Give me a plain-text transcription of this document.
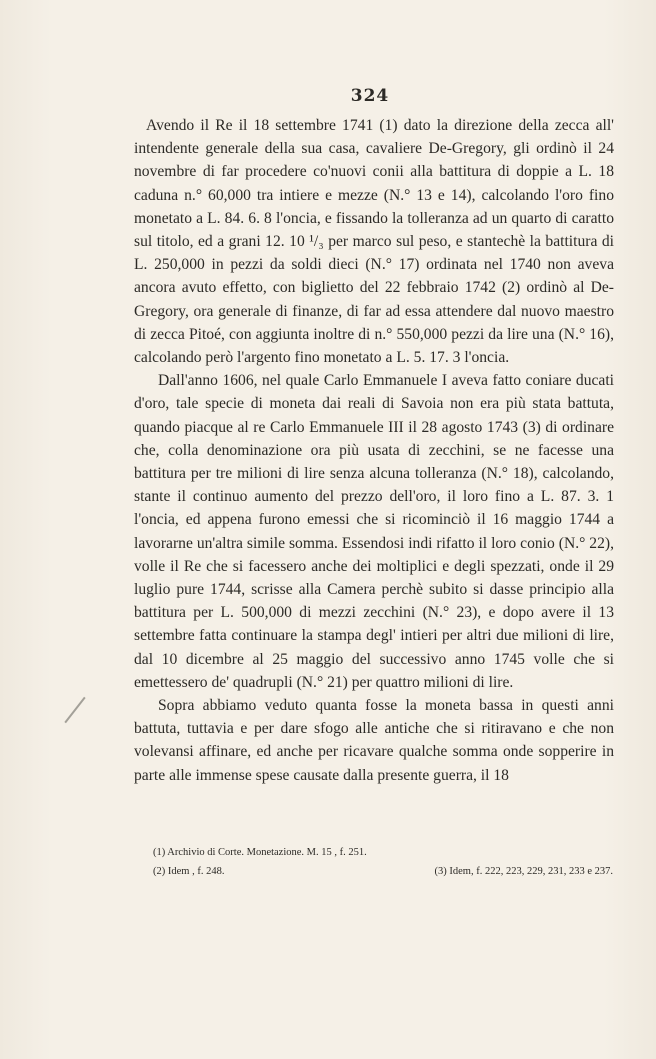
324

Avendo il Re il 18 settembre 1741 (1) dato la direzione della zecca all' intendente generale della sua casa, cavaliere De-Gregory, gli ordinò il 24 novembre di far procedere co'nuovi conii alla battitura di doppie a L. 18 caduna n.° 60,000 tra intiere e mezze (N.° 13 e 14), calcolando l'oro fino monetato a L. 84. 6. 8 l'oncia, e fissando la tolleranza ad un quarto di caratto sul titolo, ed a grani 12. 10 ¹/₃ per marco sul peso, e stantechè la battitura di L. 250,000 in pezzi da soldi dieci (N.° 17) ordinata nel 1740 non aveva ancora avuto effetto, con biglietto del 22 febbraio 1742 (2) ordinò al De-Gregory, ora generale di finanze, di far ad essa attendere dal nuovo maestro di zecca Pitoé, con aggiunta inoltre di n.° 550,000 pezzi da lire una (N.° 16), calcolando però l'argento fino monetato a L. 5. 17. 3 l'oncia.

Dall'anno 1606, nel quale Carlo Emmanuele I aveva fatto coniare ducati d'oro, tale specie di moneta dai reali di Savoia non era più stata battuta, quando piacque al re Carlo Emmanuele III il 28 agosto 1743 (3) di ordinare che, colla denominazione ora più usata di zecchini, se ne facesse una battitura per tre milioni di lire senza alcuna tolleranza (N.° 18), calcolando, stante il continuo aumento del prezzo dell'oro, il loro fino a L. 87. 3. 1 l'oncia, ed appena furono emessi che si ricominciò il 16 maggio 1744 a lavorarne un'altra simile somma. Essendosi indi rifatto il loro conio (N.° 22), volle il Re che si facessero anche dei moltiplici e degli spezzati, onde il 29 luglio pure 1744, scrisse alla Camera perchè subito si dasse principio alla battitura per L. 500,000 di mezzi zecchini (N.° 23), e dopo avere il 13 settembre fatta continuare la stampa degl' intieri per altri due milioni di lire, dal 10 dicembre al 25 maggio del successivo anno 1745 volle che si emettessero de' quadrupli (N.° 21) per quattro milioni di lire.

Sopra abbiamo veduto quanta fosse la moneta bassa in questi anni battuta, tuttavia e per dare sfogo alle antiche che si ritiravano e che non volevansi affinare, ed anche per ricavare qualche somma onde sopperire in parte alle immense spese causate dalla presente guerra, il 18

(1) Archivio di Corte. Monetazione. M. 15 , f. 251.
(2) Idem , f. 248.	(3) Idem, f. 222, 223, 229, 231, 233 e 237.
